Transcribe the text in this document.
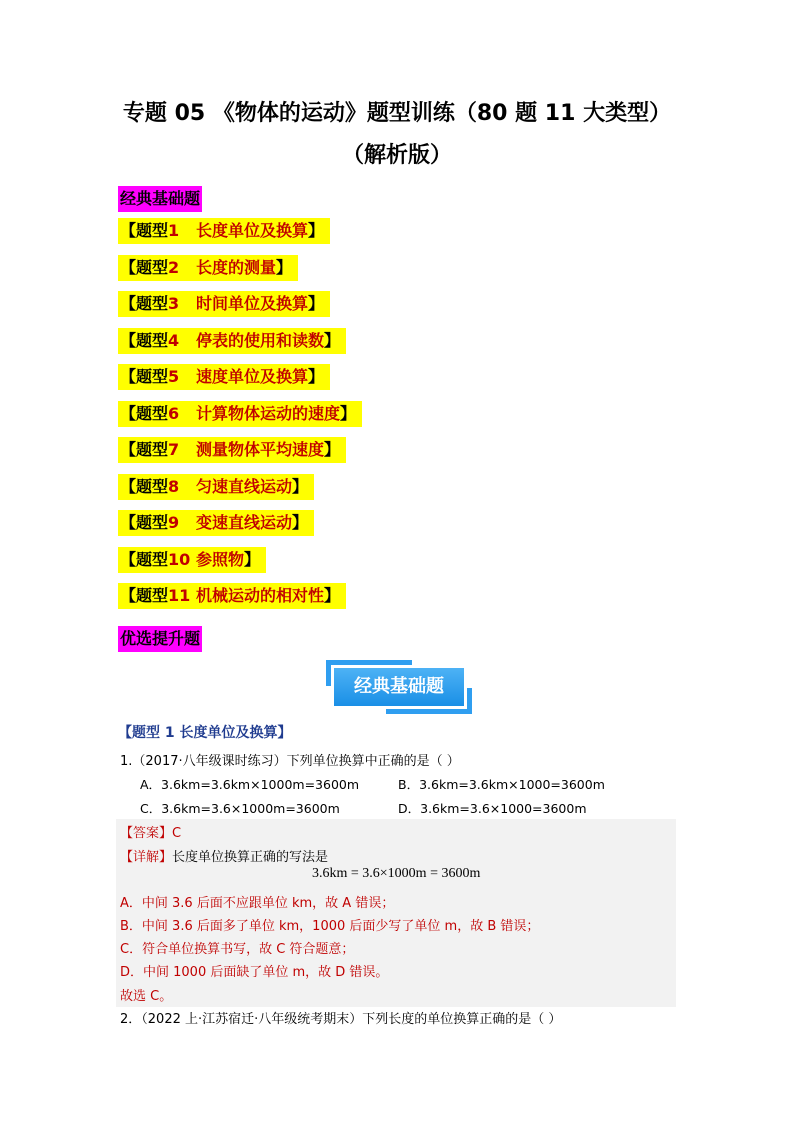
专题 05 《物体的运动》题型训练（80 题 11 大类型）
（解析版）
经典基础题
【题型1 长度单位及换算】
【题型2 长度的测量】
【题型3 时间单位及换算】
【题型4 停表的使用和读数】
【题型5 速度单位及换算】
【题型6 计算物体运动的速度】
【题型7 测量物体平均速度】
【题型8 匀速直线运动】
【题型9 变速直线运动】
【题型10 参照物】
【题型11 机械运动的相对性】
优选提升题
经典基础题
【题型 1 长度单位及换算】
1.（2017·八年级课时练习）下列单位换算中正确的是（ ）
A．3.6km=3.6km×1000m=3600m	B．3.6km=3.6km×1000=3600m
C．3.6km=3.6×1000m=3600m	D．3.6km=3.6×1000=3600m
【答案】C
【详解】长度单位换算正确的写法是
3.6km = 3.6×1000m = 3600m
A．中间 3.6 后面不应跟单位 km，故 A 错误；
B．中间 3.6 后面多了单位 km，1000 后面少写了单位 m，故 B 错误；
C．符合单位换算书写，故 C 符合题意；
D．中间 1000 后面缺了单位 m，故 D 错误。
故选 C。
2．（2022 上·江苏宿迁·八年级统考期末）下列长度的单位换算正确的是（ ）
